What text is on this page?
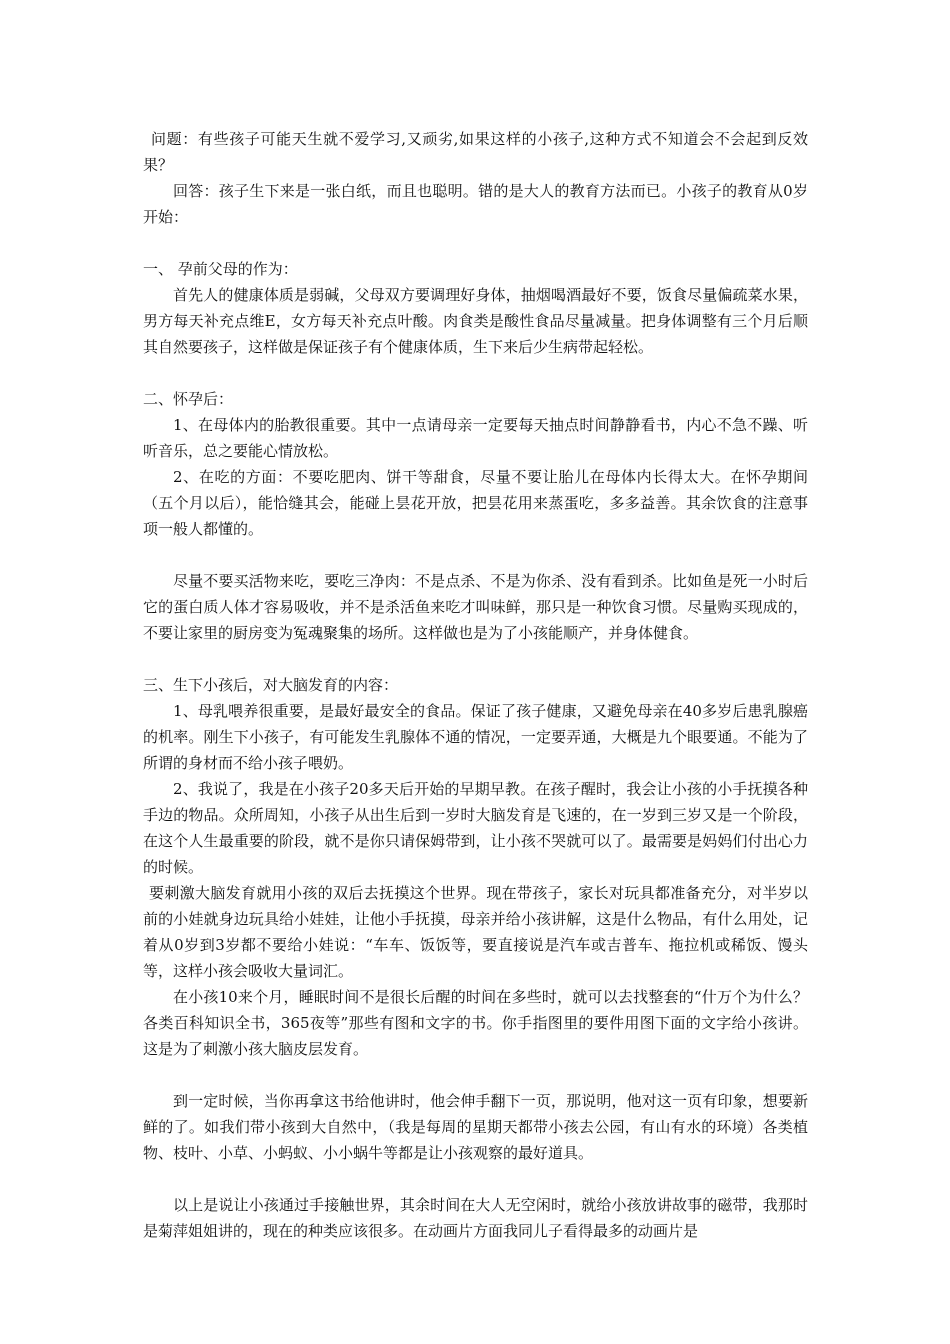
问题：有些孩子可能天生就不爱学习,又顽劣,如果这样的小孩子,这种方式不知道会不会起到反效果？

回答：孩子生下来是一张白纸，而且也聪明。错的是大人的教育方法而已。小孩子的教育从0岁开始：

一、 孕前父母的作为：

首先人的健康体质是弱碱，父母双方要调理好身体，抽烟喝酒最好不要，饭食尽量偏疏菜水果，男方每天补充点维E，女方每天补充点叶酸。肉食类是酸性食品尽量减量。把身体调整有三个月后顺其自然要孩子，这样做是保证孩子有个健康体质，生下来后少生病带起轻松。

二、怀孕后：

1、在母体内的胎教很重要。其中一点请母亲一定要每天抽点时间静静看书，内心不急不躁、听听音乐，总之要能心情放松。

2、在吃的方面：不要吃肥肉、饼干等甜食，尽量不要让胎儿在母体内长得太大。在怀孕期间（五个月以后），能恰缝其会，能碰上昙花开放，把昙花用来蒸蛋吃，多多益善。其余饮食的注意事项一般人都懂的。

尽量不要买活物来吃，要吃三净肉：不是点杀、不是为你杀、没有看到杀。比如鱼是死一小时后它的蛋白质人体才容易吸收，并不是杀活鱼来吃才叫味鲜，那只是一种饮食习惯。尽量购买现成的，不要让家里的厨房变为冤魂聚集的场所。这样做也是为了小孩能顺产，并身体健食。

三、生下小孩后，对大脑发育的内容：

1、母乳喂养很重要，是最好最安全的食品。保证了孩子健康，又避免母亲在40多岁后患乳腺癌的机率。刚生下小孩子，有可能发生乳腺体不通的情况，一定要弄通，大概是九个眼要通。不能为了所谓的身材而不给小孩子喂奶。

2、我说了，我是在小孩子20多天后开始的早期早教。在孩子醒时，我会让小孩的小手抚摸各种手边的物品。众所周知，小孩子从出生后到一岁时大脑发育是飞速的，在一岁到三岁又是一个阶段，在这个人生最重要的阶段，就不是你只请保姆带到，让小孩不哭就可以了。最需要是妈妈们付出心力的时候。

要刺激大脑发育就用小孩的双后去抚摸这个世界。现在带孩子，家长对玩具都准备充分，对半岁以前的小娃就身边玩具给小娃娃，让他小手抚摸，母亲并给小孩讲解，这是什么物品，有什么用处，记着从0岁到3岁都不要给小娃说：“车车、饭饭等，要直接说是汽车或吉普车、拖拉机或稀饭、馒头等，这样小孩会吸收大量词汇。

在小孩10来个月，睡眠时间不是很长后醒的时间在多些时，就可以去找整套的“什万个为什么？各类百科知识全书，365夜等”那些有图和文字的书。你手指图里的要件用图下面的文字给小孩讲。这是为了刺激小孩大脑皮层发育。

到一定时候，当你再拿这书给他讲时，他会伸手翻下一页，那说明，他对这一页有印象，想要新鲜的了。如我们带小孩到大自然中，（我是每周的星期天都带小孩去公园，有山有水的环境）各类植物、枝叶、小草、小蚂蚁、小小蜗牛等都是让小孩观察的最好道具。

以上是说让小孩通过手接触世界，其余时间在大人无空闲时，就给小孩放讲故事的磁带，我那时是菊萍姐姐讲的，现在的种类应该很多。在动画片方面我同儿子看得最多的动画片是
